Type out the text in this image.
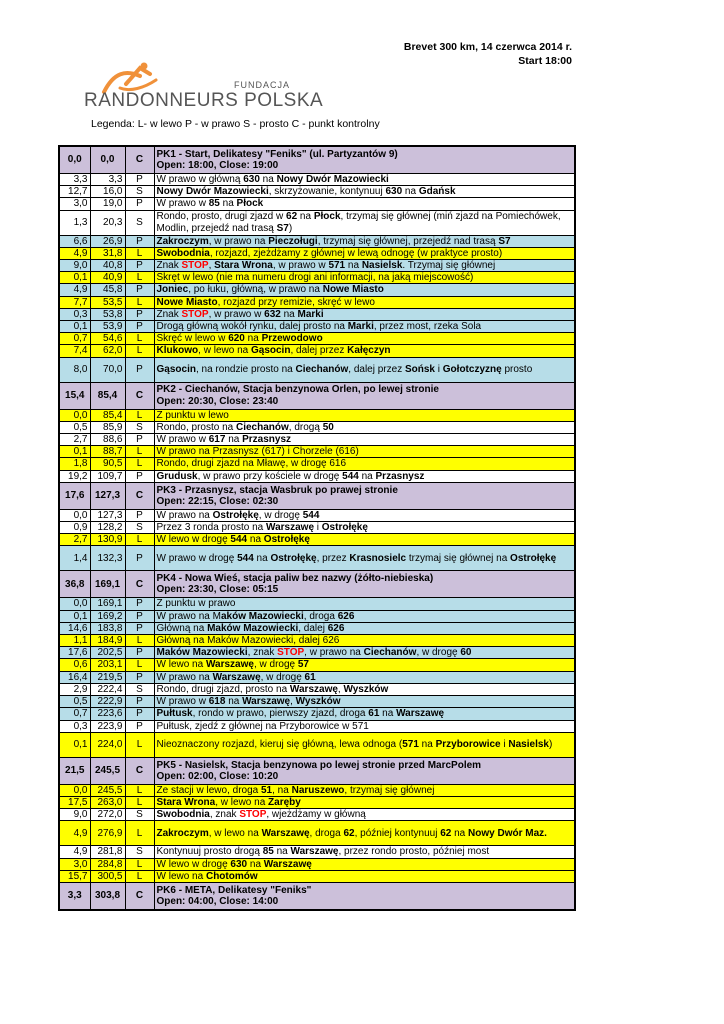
Brevet 300 km, 14 czerwca 2014 r.
Start 18:00
FUNDACJA
RANDONNEURS POLSKA
Legenda: L- w lewo P - w prawo S - prosto C - punkt kontrolny
0,0	0,0	C	PK1 - Start, Delikatesy "Feniks" (ul. Partyzantów 9)
Open: 18:00, Close: 19:00
3,3	3,3	P	W prawo w główną 630 na Nowy Dwór Mazowiecki
12,7	16,0	S	Nowy Dwór Mazowiecki, skrzyżowanie, kontynuuj 630 na Gdańsk
3,0	19,0	P	W prawo w 85 na Płock
1,3	20,3	S	Rondo, prosto, drugi zjazd w 62 na Płock, trzymaj się głównej (miń zjazd na Pomiechówek, Modlin, przejedź nad trasą S7)
6,6	26,9	P	Zakroczym, w prawo na Pieczoługi, trzymaj się głównej, przejedź nad trasą S7
4,9	31,8	L	Swobodnia, rozjazd, zjeżdżamy z głównej w lewą odnogę (w praktyce prosto)
9,0	40,8	P	Znak STOP, Stara Wrona, w prawo w 571 na Nasielsk. Trzymaj się głównej
0,1	40,9	L	Skręt w lewo (nie ma numeru drogi ani informacji, na jaką miejscowość)
4,9	45,8	P	Joniec, po łuku, główną, w prawo na Nowe Miasto
7,7	53,5	L	Nowe Miasto, rozjazd przy remizie, skręć w lewo
0,3	53,8	P	Znak STOP, w prawo w 632 na Marki
0,1	53,9	P	Drogą główną wokół rynku, dalej prosto na Marki, przez most, rzeka Sola
0,7	54,6	L	Skręć w lewo w 620 na Przewodowo
7,4	62,0	L	Klukowo, w lewo na Gąsocin, dalej przez Kałęczyn
8,0	70,0	P	Gąsocin, na rondzie prosto na Ciechanów, dalej przez Sońsk i Gołotczyznę prosto
15,4	85,4	C	PK2 - Ciechanów, Stacja benzynowa Orlen, po lewej stronie
Open: 20:30, Close: 23:40
0,0	85,4	L	Z punktu w lewo
0,5	85,9	S	Rondo, prosto na Ciechanów, drogą 50
2,7	88,6	P	W prawo w 617 na Przasnysz
0,1	88,7	L	W prawo na Przasnysz (617) i Chorzele (616)
1,8	90,5	L	Rondo, drugi zjazd na Mławę, w drogę 616
19,2	109,7	P	Grudusk, w prawo przy kościele w drogę 544 na Przasnysz
17,6	127,3	C	PK3 - Przasnysz, stacja Wasbruk po prawej stronie
Open: 22:15, Close: 02:30
0,0	127,3	P	W prawo na Ostrołękę, w drogę 544
0,9	128,2	S	Przez 3 ronda prosto na Warszawę i Ostrołękę
2,7	130,9	L	W lewo w drogę 544 na Ostrołękę
1,4	132,3	P	W prawo w drogę 544 na Ostrołękę, przez Krasnosielc trzymaj się głównej na Ostrołękę
36,8	169,1	C	PK4 - Nowa Wieś, stacja paliw bez nazwy (żółto-niebieska)
Open: 23:30, Close: 05:15
0,0	169,1	P	Z punktu w prawo
0,1	169,2	P	W prawo na Maków Mazowiecki, droga 626
14,6	183,8	P	Główną na Maków Mazowiecki, dalej 626
1,1	184,9	L	Główną na Maków Mazowiecki, dalej 626
17,6	202,5	P	Maków Mazowiecki, znak STOP, w prawo na Ciechanów, w drogę 60
0,6	203,1	L	W lewo na Warszawę, w drogę 57
16,4	219,5	P	W prawo na Warszawę, w drogę 61
2,9	222,4	S	Rondo, drugi zjazd, prosto na Warszawę, Wyszków
0,5	222,9	P	W prawo w 618 na Warszawę, Wyszków
0,7	223,6	P	Pułtusk, rondo w prawo, pierwszy zjazd, droga 61 na Warszawę
0,3	223,9	P	Pułtusk, zjedź z głównej na Przyborowice w 571
0,1	224,0	L	Nieoznaczony rozjazd, kieruj się główną, lewa odnoga (571 na Przyborowice i Nasielsk)
21,5	245,5	C	PK5 - Nasielsk, Stacja benzynowa po lewej stronie przed MarcPolem
Open: 02:00, Close: 10:20
0,0	245,5	L	Ze stacji w lewo, droga 51, na Naruszewo, trzymaj się głównej
17,5	263,0	L	Stara Wrona, w lewo na Zaręby
9,0	272,0	S	Swobodnia, znak STOP, wjeżdżamy w główną
4,9	276,9	L	Zakroczym, w lewo na Warszawę, droga 62, później kontynuuj 62 na Nowy Dwór Maz.
4,9	281,8	S	Kontynuuj prosto drogą 85 na Warszawę, przez rondo prosto, później most
3,0	284,8	L	W lewo w drogę 630 na Warszawę
15,7	300,5	L	W lewo na Chotomów
3,3	303,8	C	PK6 - META, Delikatesy "Feniks"
Open: 04:00, Close: 14:00
